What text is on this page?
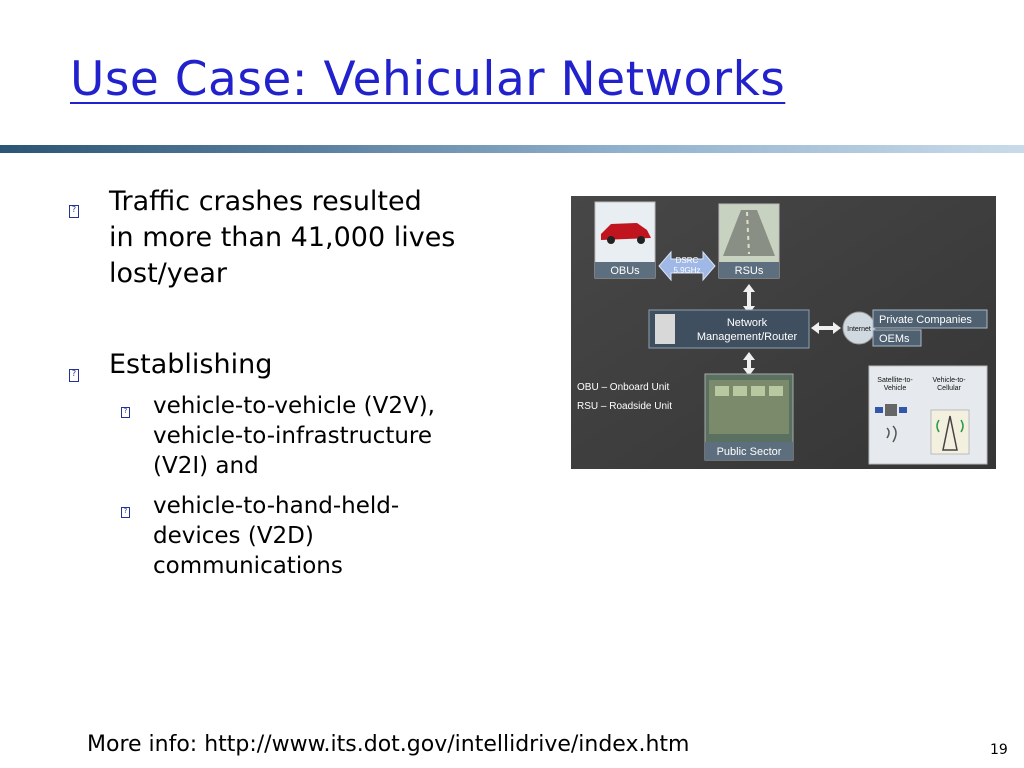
Use Case: Vehicular Networks
? Traffic crashes resulted
in more than 41,000 lives
lost/year
? Establishing
? vehicle-to-vehicle (V2V),
vehicle-to-infrastructure
(V2I) and
? vehicle-to-hand-held-
devices (V2D)
communications
OBUs
DSRC
5.9GHz	RSUs
Network
Management/Router
Internet
Private Companies
OEMs
OBU – Onboard Unit
RSU – Roadside Unit
Public Sector
Satellite-to-
Vehicle
Vehicle-to-
Cellular
More info: http://www.its.dot.gov/intellidrive/index.htm	19
